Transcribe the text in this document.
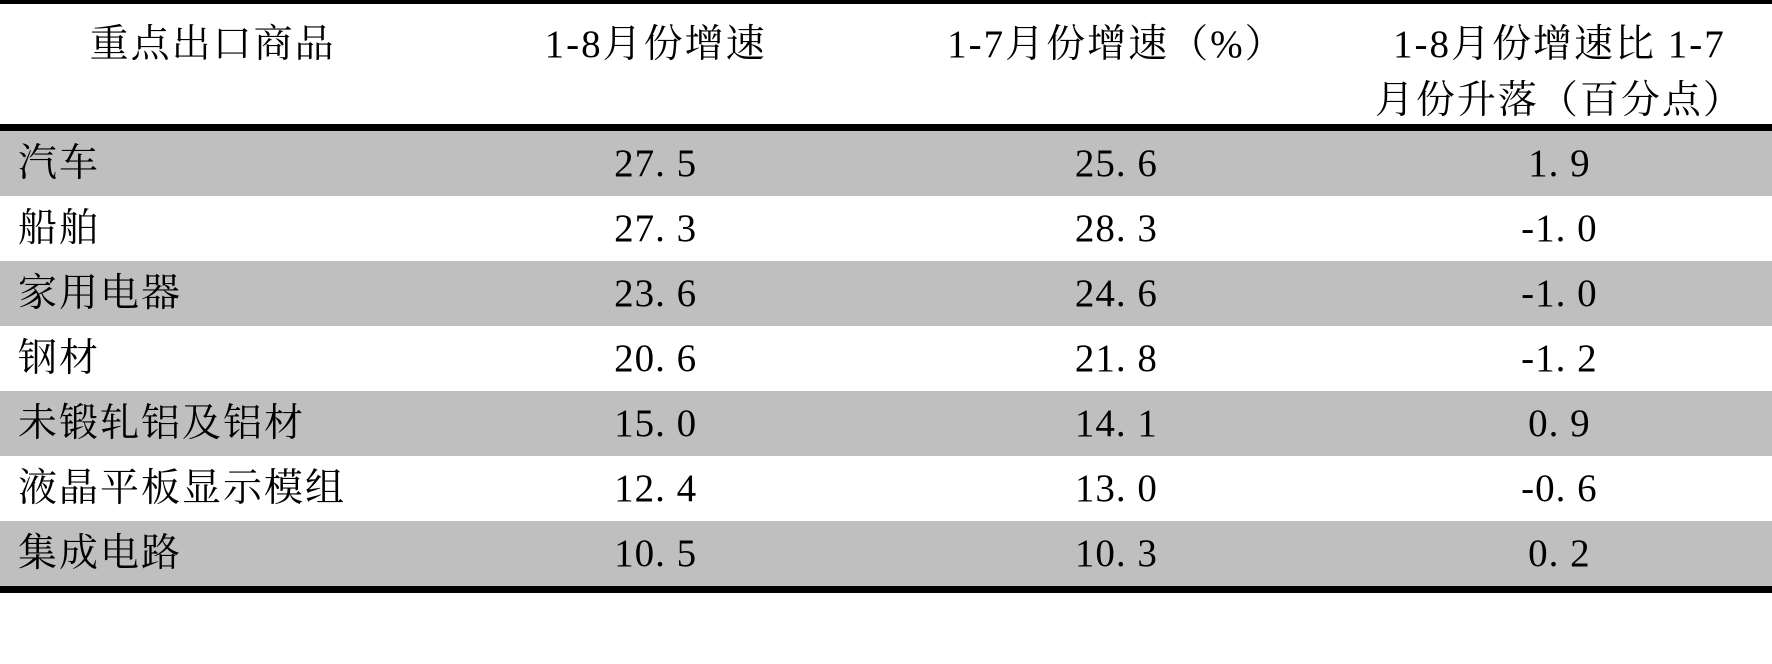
重点出口商品	1-8月份增速	1-7月份增速（%）	1-8月份增速比 1-7
月份升落（百分点）
汽车	27. 5	25. 6	1. 9
船舶	27. 3	28. 3	-1. 0
家用电器	23. 6	24. 6	-1. 0
钢材	20. 6	21. 8	-1. 2
未锻轧铝及铝材	15. 0	14. 1	0. 9
液晶平板显示模组	12. 4	13. 0	-0. 6
集成电路	10. 5	10. 3	0. 2
